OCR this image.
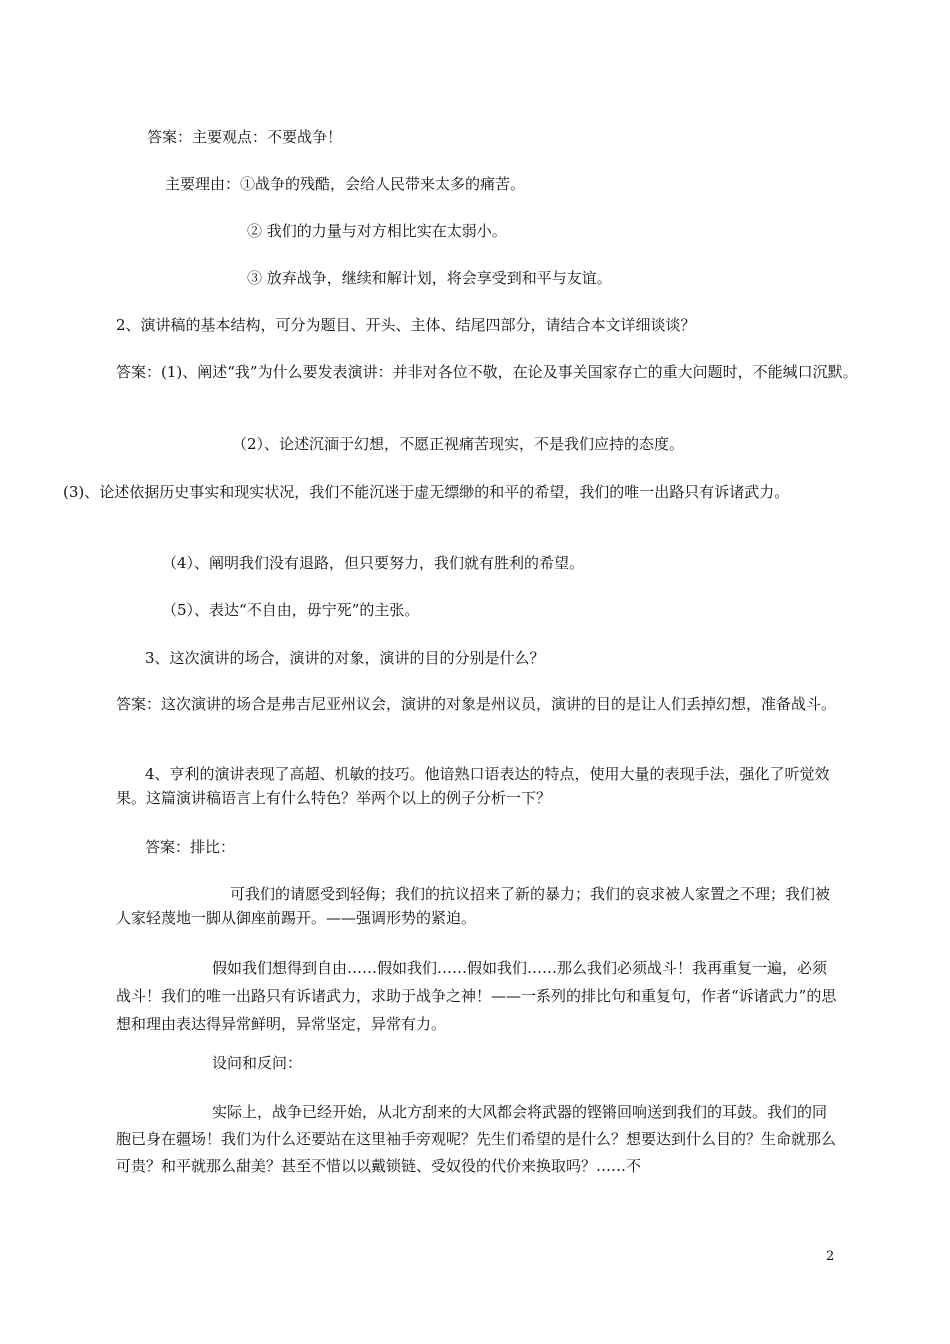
答案：主要观点：不要战争！
主要理由：①战争的残酷，会给人民带来太多的痛苦。
② 我们的力量与对方相比实在太弱小。
③ 放弃战争，继续和解计划，将会享受到和平与友谊。
2、演讲稿的基本结构，可分为题目、开头、主体、结尾四部分，请结合本文详细谈谈？
答案：(1)、阐述“我”为什么要发表演讲：并非对各位不敬，在论及事关国家存亡的重大问题时，不能缄口沉默。
（2）、论述沉湎于幻想，不愿正视痛苦现实，不是我们应持的态度。
(3)、论述依据历史事实和现实状况，我们不能沉迷于虚无缥缈的和平的希望，我们的唯一出路只有诉诸武力。
（4）、阐明我们没有退路，但只要努力，我们就有胜利的希望。
（5）、表达“不自由，毋宁死”的主张。
3、这次演讲的场合，演讲的对象，演讲的目的分别是什么？
答案：这次演讲的场合是弗吉尼亚州议会，演讲的对象是州议员，演讲的目的是让人们丢掉幻想，准备战斗。
4、亨利的演讲表现了高超、机敏的技巧。他谙熟口语表达的特点，使用大量的表现手法，强化了听觉效果。这篇演讲稿语言上有什么特色？举两个以上的例子分析一下？
答案：排比：
可我们的请愿受到轻侮；我们的抗议招来了新的暴力；我们的哀求被人家置之不理；我们被人家轻蔑地一脚从御座前踢开。——强调形势的紧迫。
假如我们想得到自由……假如我们……假如我们……那么我们必须战斗！我再重复一遍，必须战斗！我们的唯一出路只有诉诸武力，求助于战争之神！——一系列的排比句和重复句，作者“诉诸武力”的思想和理由表达得异常鲜明，异常坚定，异常有力。
设问和反问：
实际上，战争已经开始，从北方刮来的大风都会将武器的铿锵回响送到我们的耳鼓。我们的同胞已身在疆场！我们为什么还要站在这里袖手旁观呢？先生们希望的是什么？想要达到什么目的？生命就那么可贵？和平就那么甜美？甚至不惜以以戴锁链、受奴役的代价来换取吗？……不
2
